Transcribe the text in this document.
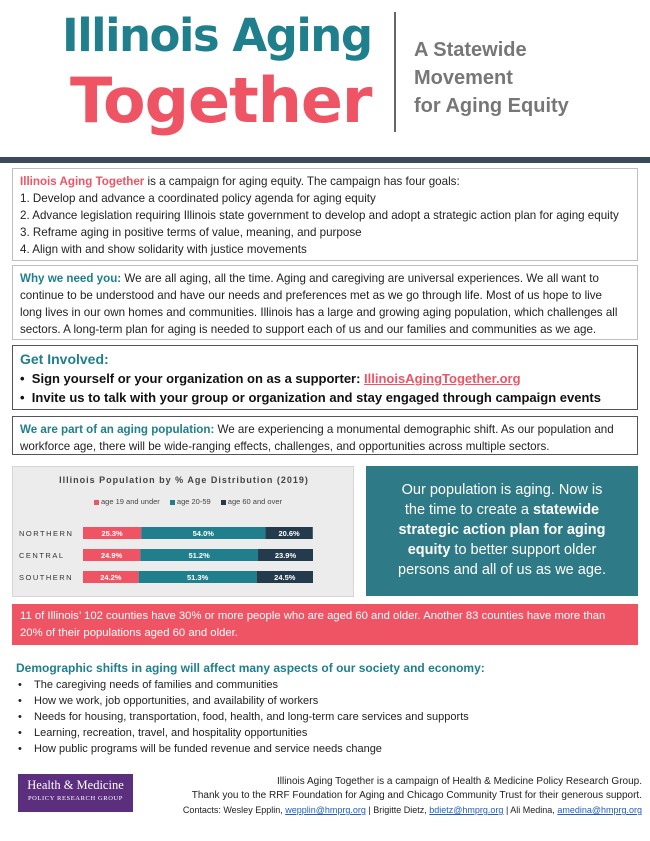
Illinois Aging
Together
A Statewide
Movement
for Aging Equity
Illinois Aging Together is a campaign for aging equity. The campaign has four goals:
1. Develop and advance a coordinated policy agenda for aging equity
2. Advance legislation requiring Illinois state government to develop and adopt a strategic action plan for aging equity
3. Reframe aging in positive terms of value, meaning, and purpose
4. Align with and show solidarity with justice movements
Why we need you: We are all aging, all the time. Aging and caregiving are universal experiences. We all want to
continue to be understood and have our needs and preferences met as we go through life. Most of us hope to live
long lives in our own homes and communities. Illinois has a large and growing aging population, which challenges all
sectors. A long-term plan for aging is needed to support each of us and our families and communities as we age.
Get Involved:
•  Sign yourself or your organization on as a supporter: IllinoisAgingTogether.org
•  Invite us to talk with your group or organization and stay engaged through campaign events
We are part of an aging population: We are experiencing a monumental demographic shift. As our population and
workforce age, there will be wide-ranging effects, challenges, and opportunities across multiple sectors.
Illinois Population by % Age Distribution (2019)
age 19 and under age 20-59 age 60 and over
NORTHERN	25.3%	54.0%	20.6%
CENTRAL	24.9%	51.2%	23.9%
SOUTHERN	24.2%	51.3%	24.5%
Our population is aging. Now is
the time to create a statewide
strategic action plan for aging
equity to better support older
persons and all of us as we age.
11 of Illinois’ 102 counties have 30% or more people who are aged 60 and older. Another 83 counties have more than
20% of their populations aged 60 and older.
Demographic shifts in aging will affect many aspects of our society and economy:
• The caregiving needs of families and communities
• How we work, job opportunities, and availability of workers
• Needs for housing, transportation, food, health, and long-term care services and supports
• Learning, recreation, travel, and hospitality opportunities
• How public programs will be funded revenue and service needs change
Health & Medicine
POLICY RESEARCH GROUP
Illinois Aging Together is a campaign of Health & Medicine Policy Research Group.
Thank you to the RRF Foundation for Aging and Chicago Community Trust for their generous support.
Contacts: Wesley Epplin, wepplin@hmprg.org | Brigitte Dietz, bdietz@hmprg.org | Ali Medina, amedina@hmprg.org
